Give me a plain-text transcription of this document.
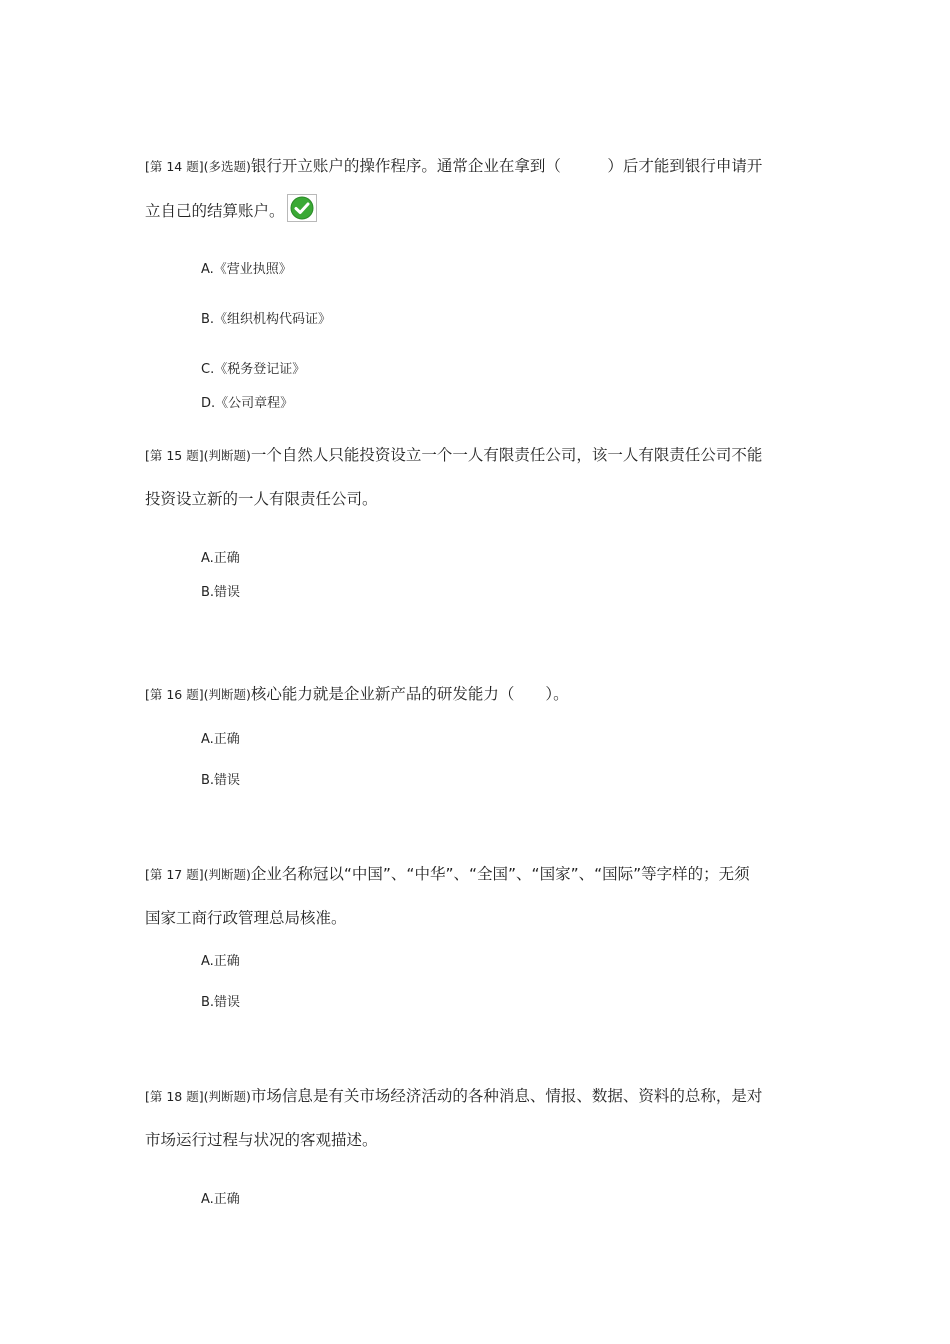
[第 14 题](多选题)银行开立账户的操作程序。通常企业在拿到（　　　）后才能到银行申请开
立自己的结算账户。
A.《营业执照》
B.《组织机构代码证》
C.《税务登记证》
D.《公司章程》
[第 15 题](判断题)一个自然人只能投资设立一个一人有限责任公司，该一人有限责任公司不能
投资设立新的一人有限责任公司。
A.正确
B.错误
[第 16 题](判断题)核心能力就是企业新产品的研发能力（　　）。
A.正确
B.错误
[第 17 题](判断题)企业名称冠以“中国”、“中华”、“全国”、“国家”、“国际”等字样的；无须
国家工商行政管理总局核准。
A.正确
B.错误
[第 18 题](判断题)市场信息是有关市场经济活动的各种消息、情报、数据、资料的总称，是对
市场运行过程与状况的客观描述。
A.正确
